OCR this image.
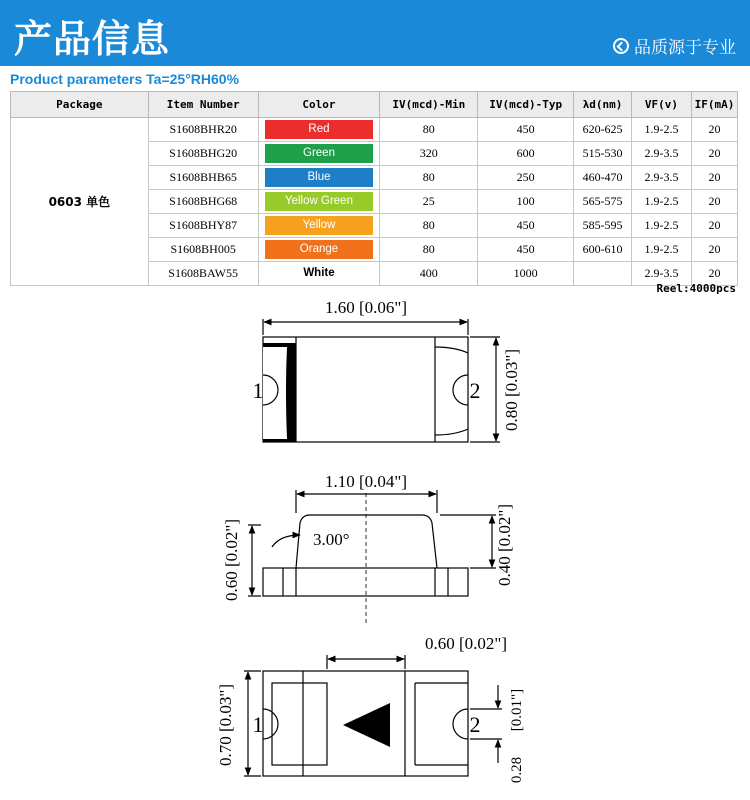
产品信息	品质源于专业
Product parameters Ta=25°RH60%
Package	Item Number	Color	IV(mcd)-Min	IV(mcd)-Typ	λd(nm)	VF(v)	IF(mA)
0603 单色	S1608BHR20	Red	80	450	620-625	1.9-2.5	20
	S1608BHG20	Green	320	600	515-530	2.9-3.5	20
	S1608BHB65	Blue	80	250	460-470	2.9-3.5	20
	S1608BHG68	Yellow Green	25	100	565-575	1.9-2.5	20
	S1608BHY87	Yellow	80	450	585-595	1.9-2.5	20
	S1608BH005	Orange	80	450	600-610	1.9-2.5	20
	S1608BAW55	White	400	1000		2.9-3.5	20
Reel:4000pcs
1.60 [0.06"]
0.80 [0.03"]
1	2
1.10 [0.04"]
3.00°
0.60 [0.02"]	0.40 [0.02"]
0.60 [0.02"]
0.70 [0.03"]	[0.01"]
0.28
1	2
